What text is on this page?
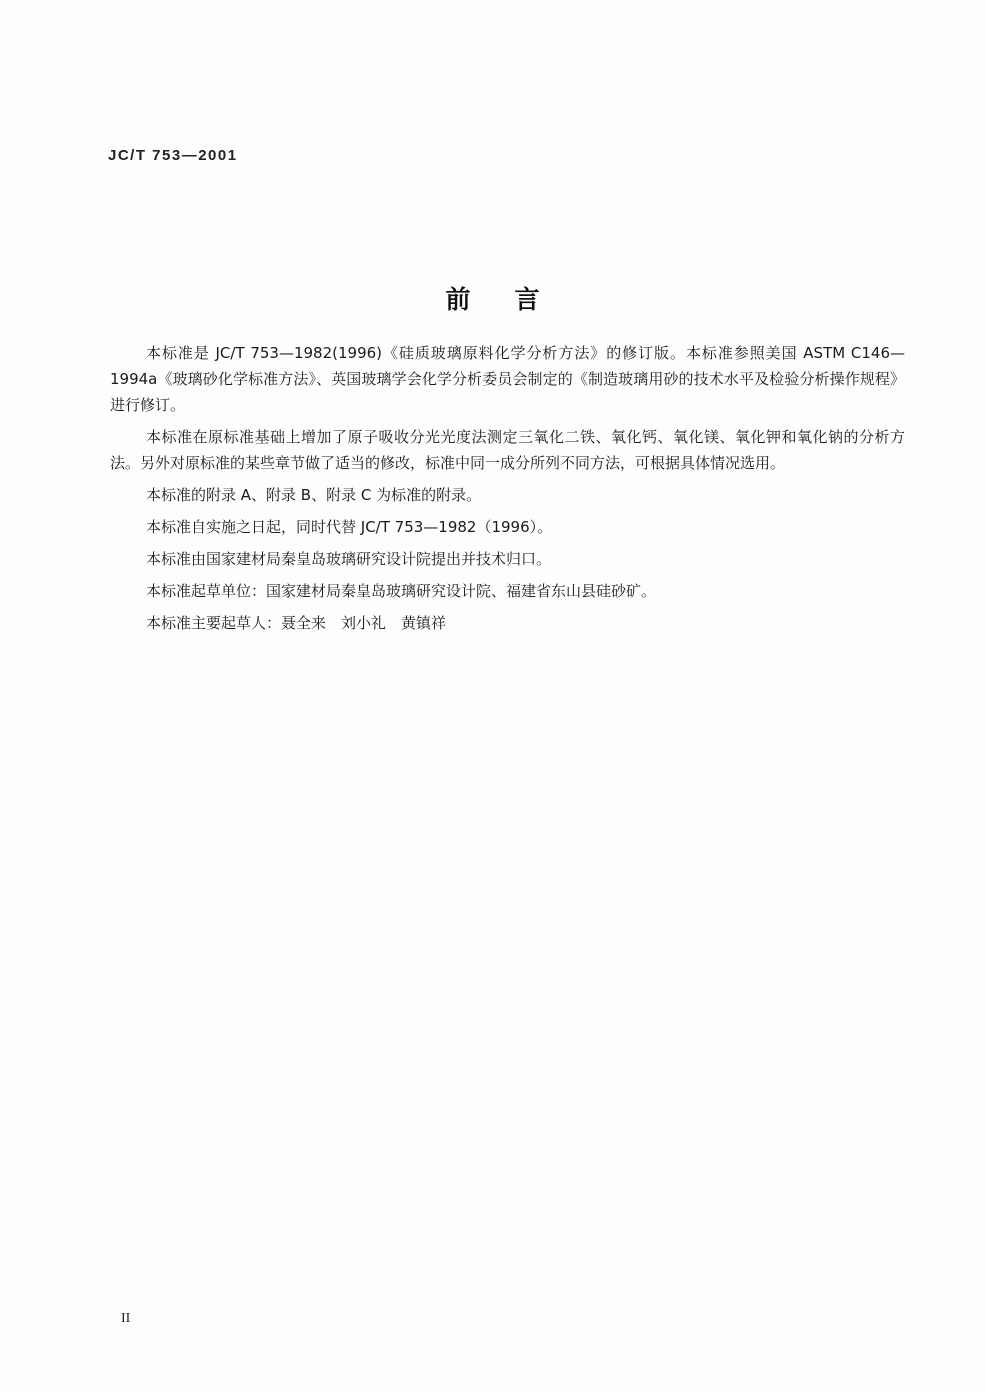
JC/T 753—2001
前言

本标准是 JC/T 753—1982(1996)《硅质玻璃原料化学分析方法》的修订版。本标准参照美国 ASTM C146—1994a《玻璃砂化学标准方法》、英国玻璃学会化学分析委员会制定的《制造玻璃用砂的技术水平及检验分析操作规程》进行修订。

本标准在原标准基础上增加了原子吸收分光光度法测定三氧化二铁、氧化钙、氧化镁、氧化钾和氧化钠的分析方法。另外对原标准的某些章节做了适当的修改，标准中同一成分所列不同方法，可根据具体情况选用。

本标准的附录 A、附录 B、附录 C 为标准的附录。

本标准自实施之日起，同时代替 JC/T 753—1982（1996）。

本标准由国家建材局秦皇岛玻璃研究设计院提出并技术归口。

本标准起草单位：国家建材局秦皇岛玻璃研究设计院、福建省东山县硅砂矿。

本标准主要起草人：聂全来　刘小礼　黄镇祥

II
